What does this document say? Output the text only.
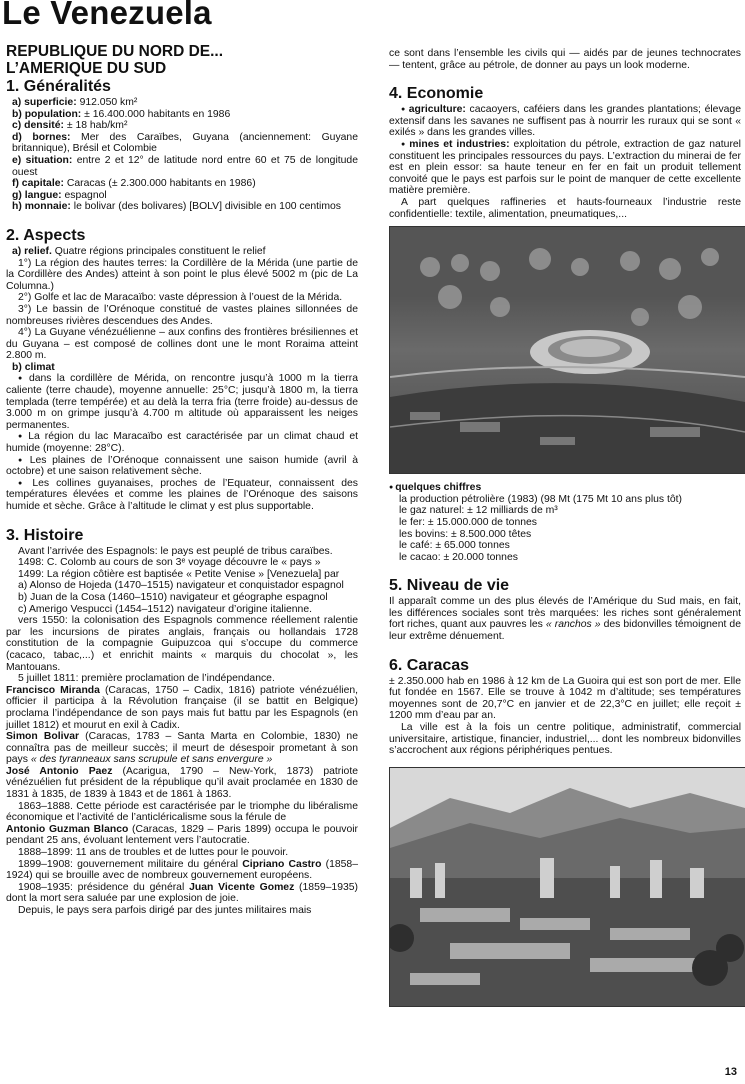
Le Venezuela
REPUBLIQUE DU NORD DE...
L’AMERIQUE DU SUD
1. Généralités

a) superficie: 912.050 km²

b) population: ± 16.400.000 habitants en 1986

c) densité: ± 18 hab/km²

d) bornes: Mer des Caraïbes, Guyana (anciennement: Guyane britannique), Brésil et Colombie

e) situation: entre 2 et 12° de latitude nord entre 60 et 75 de longitude ouest

f) capitale: Caracas (± 2.300.000 habitants en 1986)

g) langue: espagnol

h) monnaie: le bolivar (des bolivares) [BOLV] divisible en 100 centimos

2. Aspects

a) relief. Quatre régions principales constituent le relief

1°) La région des hautes terres: la Cordillère de la Mérida (une partie de la Cordillère des Andes) atteint à son point le plus élevé 5002 m (pic de La Columna.)

2°) Golfe et lac de Maracaïbo: vaste dépression à l’ouest de la Mérida.

3°) Le bassin de l’Orénoque constitué de vastes plaines sillonnées de nombreuses rivières descendues des Andes.

4°) La Guyane vénézuélienne – aux confins des frontières brésiliennes et du Guyana – est composé de collines dont une le mont Roraima atteint 2.800 m.

b) climat

● dans la cordillère de Mérida, on rencontre jusqu’à 1000 m la tierra caliente (terre chaude), moyenne annuelle: 25°C; jusqu’à 1800 m, la tierra templada (terre tempérée) et au delà la terra fria (terre froide) au-dessus de 3.000 m on grimpe jusqu’à 4.700 m altitude où apparaissent les neiges permanentes.

● La région du lac Maracaïbo est caractérisée par un climat chaud et humide (moyenne: 28°C).

● Les plaines de l’Orénoque connaissent une saison humide (avril à octobre) et une saison relativement sèche.

● Les collines guyanaises, proches de l’Equateur, connaissent des températures élevées et comme les plaines de l’Orénoque des saisons humide et sèche. Grâce à l’altitude le climat y est plus supportable.

3. Histoire

Avant l’arrivée des Espagnols: le pays est peuplé de tribus caraïbes.

1498: C. Colomb au cours de son 3ᵉ voyage découvre le « pays »

1499: La région côtière est baptisée « Petite Venise » [Venezuela] par

a) Alonso de Hojeda (1470–1515) navigateur et conquistador espagnol

b) Juan de la Cosa (1460–1510) navigateur et géographe espagnol

c) Amerigo Vespucci (1454–1512) navigateur d’origine italienne.

vers 1550: la colonisation des Espagnols commence réellement ralentie par les incursions de pirates anglais, français ou hollandais 1728 constitution de la compagnie Guipuzcoa qui s’occupe du commerce (cacaco, tabac,...) et enrichit maints « marquis du chocolat », les Mantouans.

5 juillet 1811: première proclamation de l’indépendance.

Francisco Miranda (Caracas, 1750 – Cadix, 1816) patriote vénézuélien, officier il participa à la Révolution française (il se battit en Belgique) proclama l’indépendance de son pays mais fut battu par les Espagnols (en juillet 1812) et mourut en exil à Cadix.

Simon Bolivar (Caracas, 1783 – Santa Marta en Colombie, 1830) ne connaîtra pas de meilleur succès; il meurt de désespoir prometant à son pays « des tyranneaux sans scrupule et sans envergure »

José Antonio Paez (Acarigua, 1790 – New-York, 1873) patriote vénézuélien fut président de la république qu’il avait proclamée en 1830 de 1831 à 1835, de 1839 à 1843 et de 1861 à 1863.

1863–1888. Cette période est caractérisée par le triomphe du libéralisme économique et l’activité de l’anticléricalisme sous la férule de

Antonio Guzman Blanco (Caracas, 1829 – Paris 1899) occupa le pouvoir pendant 25 ans, évoluant lentement vers l’autocratie.

1888–1899: 11 ans de troubles et de luttes pour le pouvoir.

1899–1908: gouvernement militaire du général Cipriano Castro (1858–1924) qui se brouille avec de nombreux gouvernement européens.

1908–1935: présidence du général Juan Vicente Gomez (1859–1935) dont la mort sera saluée par une explosion de joie.

Depuis, le pays sera parfois dirigé par des juntes militaires mais

ce sont dans l’ensemble les civils qui — aidés par de jeunes technocrates — tentent, grâce au pétrole, de donner au pays un look moderne.

4. Economie

● agriculture: cacaoyers, caféiers dans les grandes plantations; élevage extensif dans les savanes ne suffisent pas à nourrir les ruraux qui se sont « exilés » dans les grandes villes.

● mines et industries: exploitation du pétrole, extraction de gaz naturel constituent les principales ressources du pays. L’extraction du minerai de fer est en plein essor: sa haute teneur en fer en fait un produit tellement convoité que le pays est parfois sur le point de manquer de cette excellente matière première.

A part quelques raffineries et hauts-fourneaux l’industrie reste confidentielle: textile, alimentation, pneumatiques,...

● quelques chiffres

la production pétrolière (1983) (98 Mt (175 Mt 10 ans plus tôt)

le gaz naturel: ± 12 milliards de m³

le fer: ± 15.000.000 de tonnes

les bovins: ± 8.500.000 têtes

le café: ± 65.000 tonnes

le cacao: ± 20.000 tonnes

5. Niveau de vie

Il apparaît comme un des plus élevés de l’Amérique du Sud mais, en fait, les différences sociales sont très marquées: les riches sont généralement fort riches, quant aux pauvres les « ranchos » des bidonvilles témoignent de leur extrême dénuement.

6. Caracas

± 2.350.000 hab en 1986 à 12 km de La Guoira qui est son port de mer. Elle fut fondée en 1567. Elle se trouve à 1042 m d’altitude; ses températures moyennes sont de 20,7°C en janvier et de 22,3°C en juillet; elle reçoit ± 1200 mm d’eau par an.

La ville est à la fois un centre politique, administratif, commercial universitaire, artistique, financier, industriel,... dont les nombreux bidonvilles s’accrochent aux régions périphériques pentues.

13
